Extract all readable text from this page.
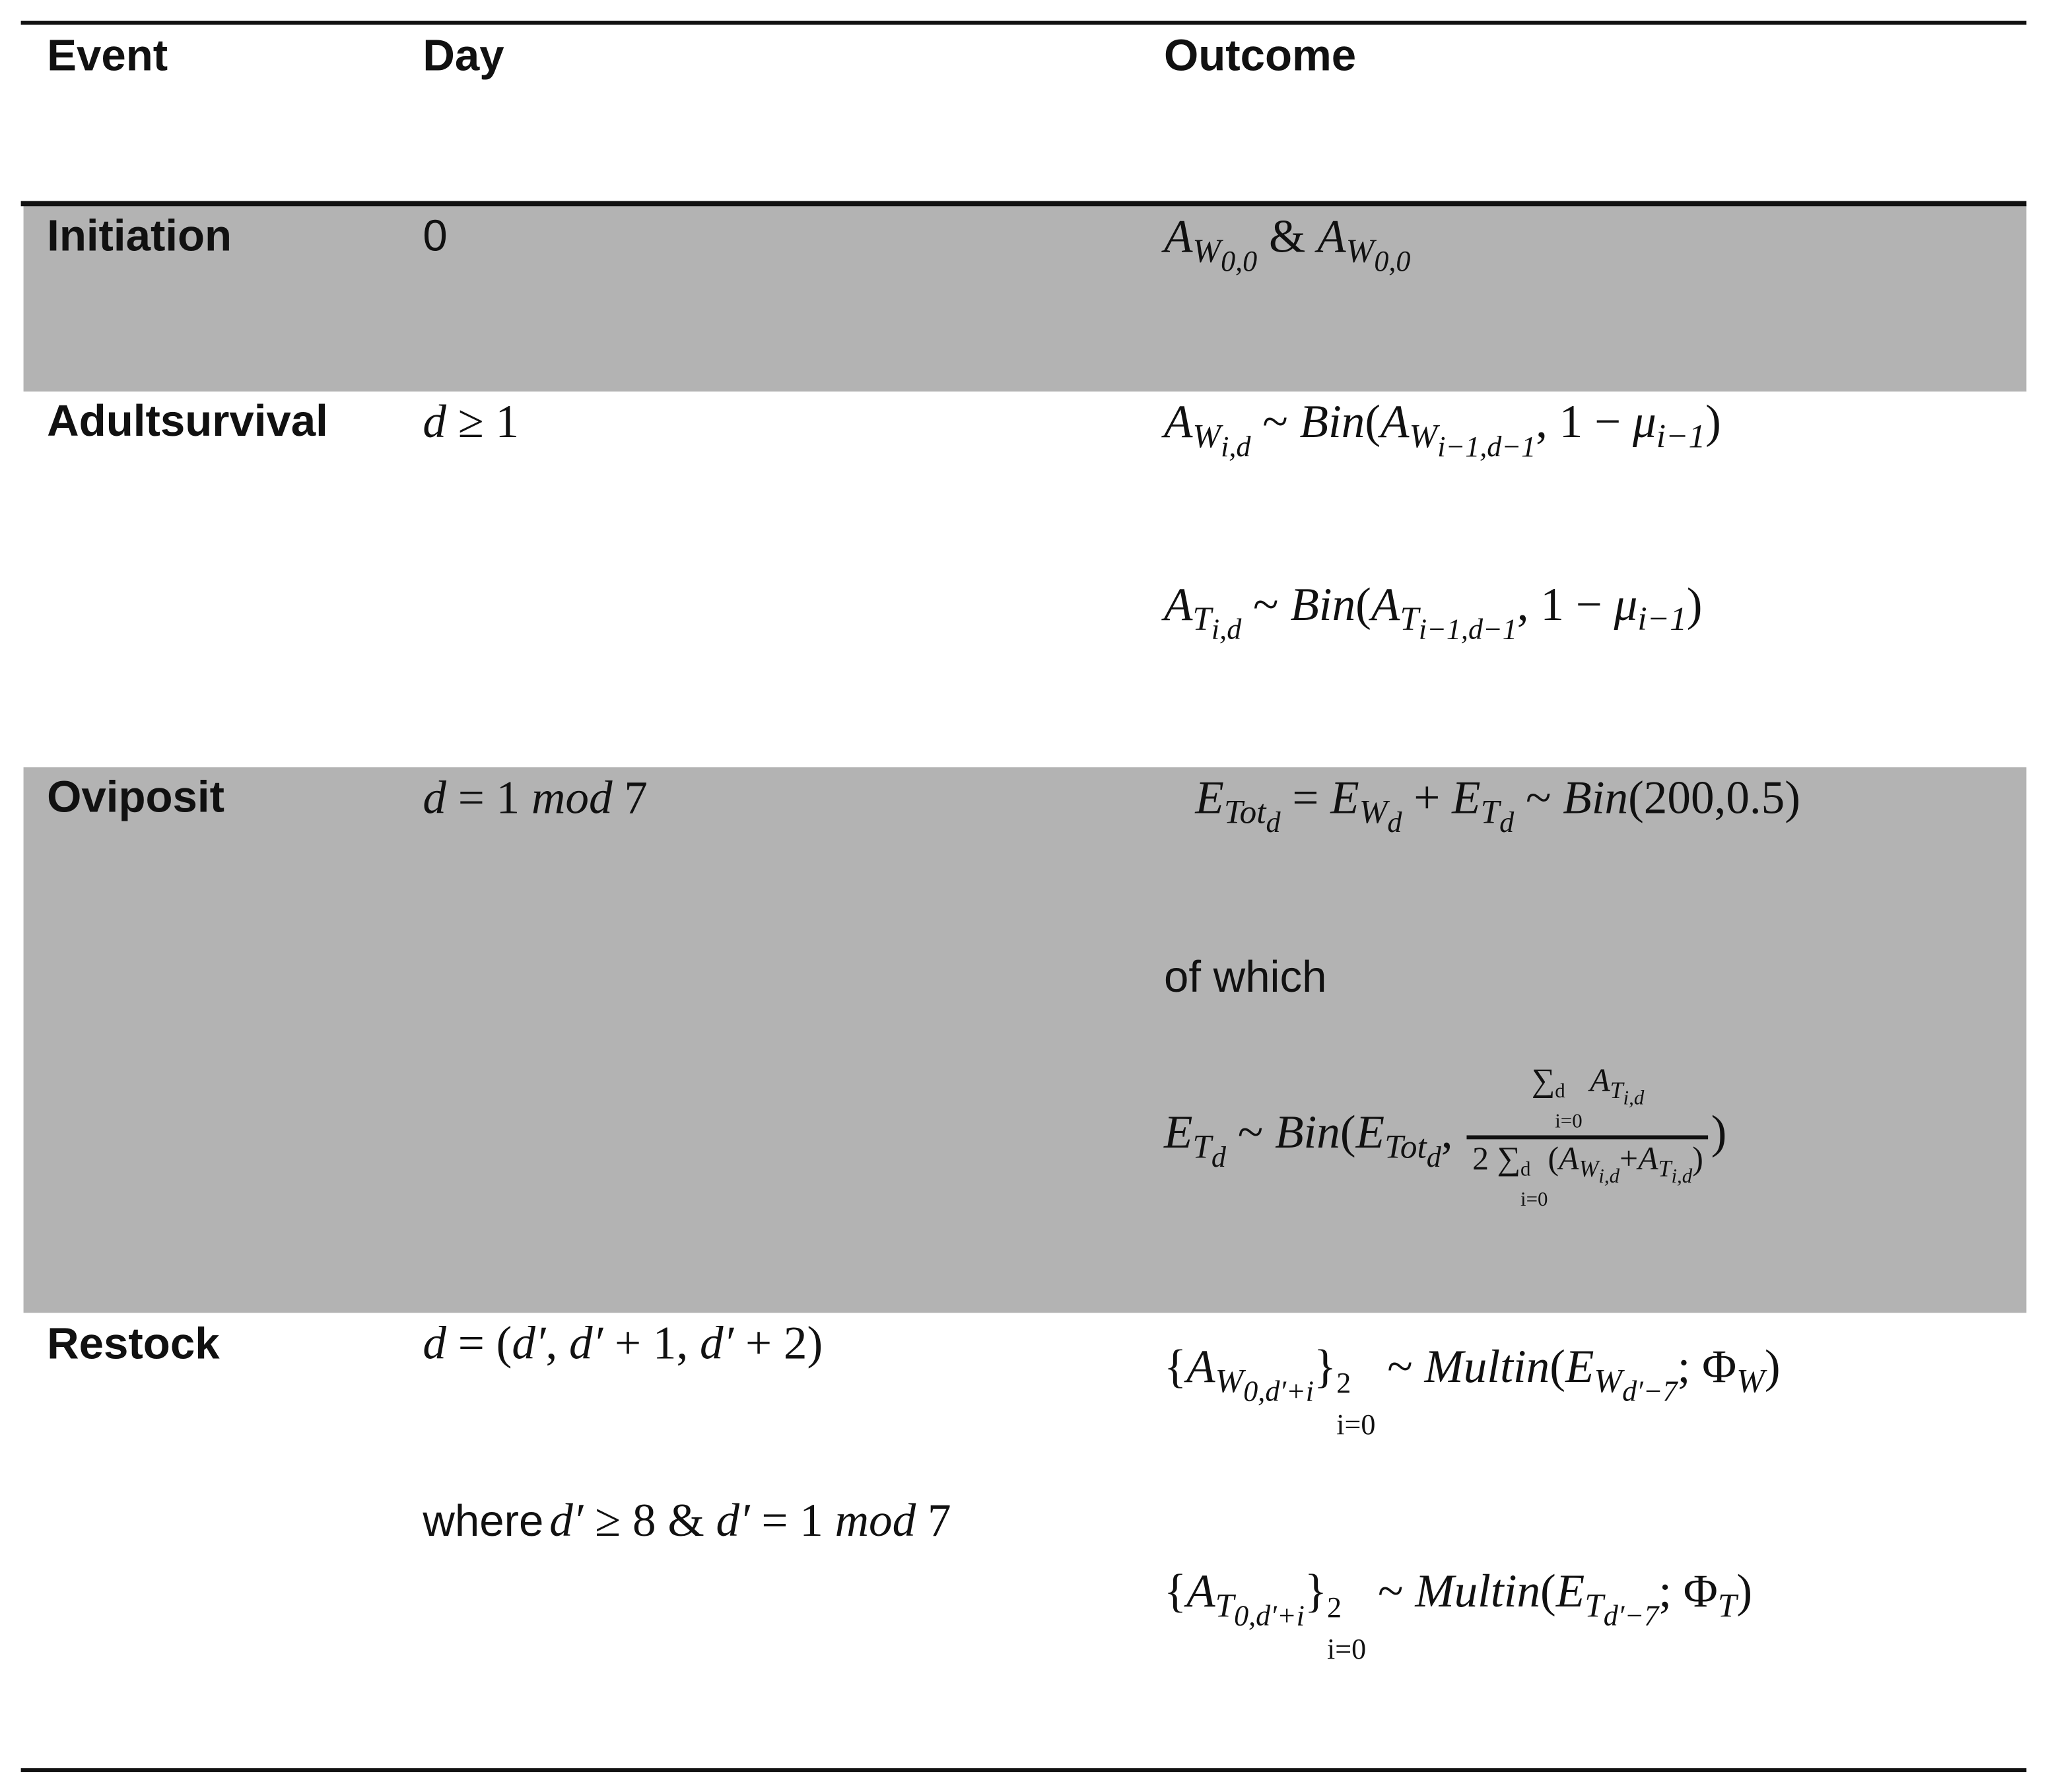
Event	Day	Outcome
Initiation	0	$A_{W0,0}$ & $A_{W0,0}$
Adultsurvival	d ≥ 1	$A_{Wi,d}$ ~ $Bin(A_{Wi-1,d-1}$, $1 - \mu_{i-1}$)
$A_{Ti,d}$ ~ $Bin(A_{Ti-1,d-1}$, $1 - \mu_{i-1}$)
Oviposit	d = 1 mod 7	$E_{Totd} = E_{Wd} + E_{Td}$ ~ Bin(200,0.5)
of which
$E_{Td}$ ~ $Bin(E_{Totd}$, ∑ d
i=0
$A_{Ti,d}$
2 ∑ d
i=0
$(A_{Wi,d}+A_{Ti,d})$ )
Restock	d = (d′, d′ + 1, d′ + 2)
where d′ ≥ 8 & d′ = 1 mod 7
$\{A_{W0,d'+i}\}$ 2
i=0
~ $Multin(E_{Wd'-7}$; $\Phi_W$)
$\{A_{T0,d'+i}\}$ 2
i=0
~ $Multin(E_{Td'-7}$; $\Phi_T$)
